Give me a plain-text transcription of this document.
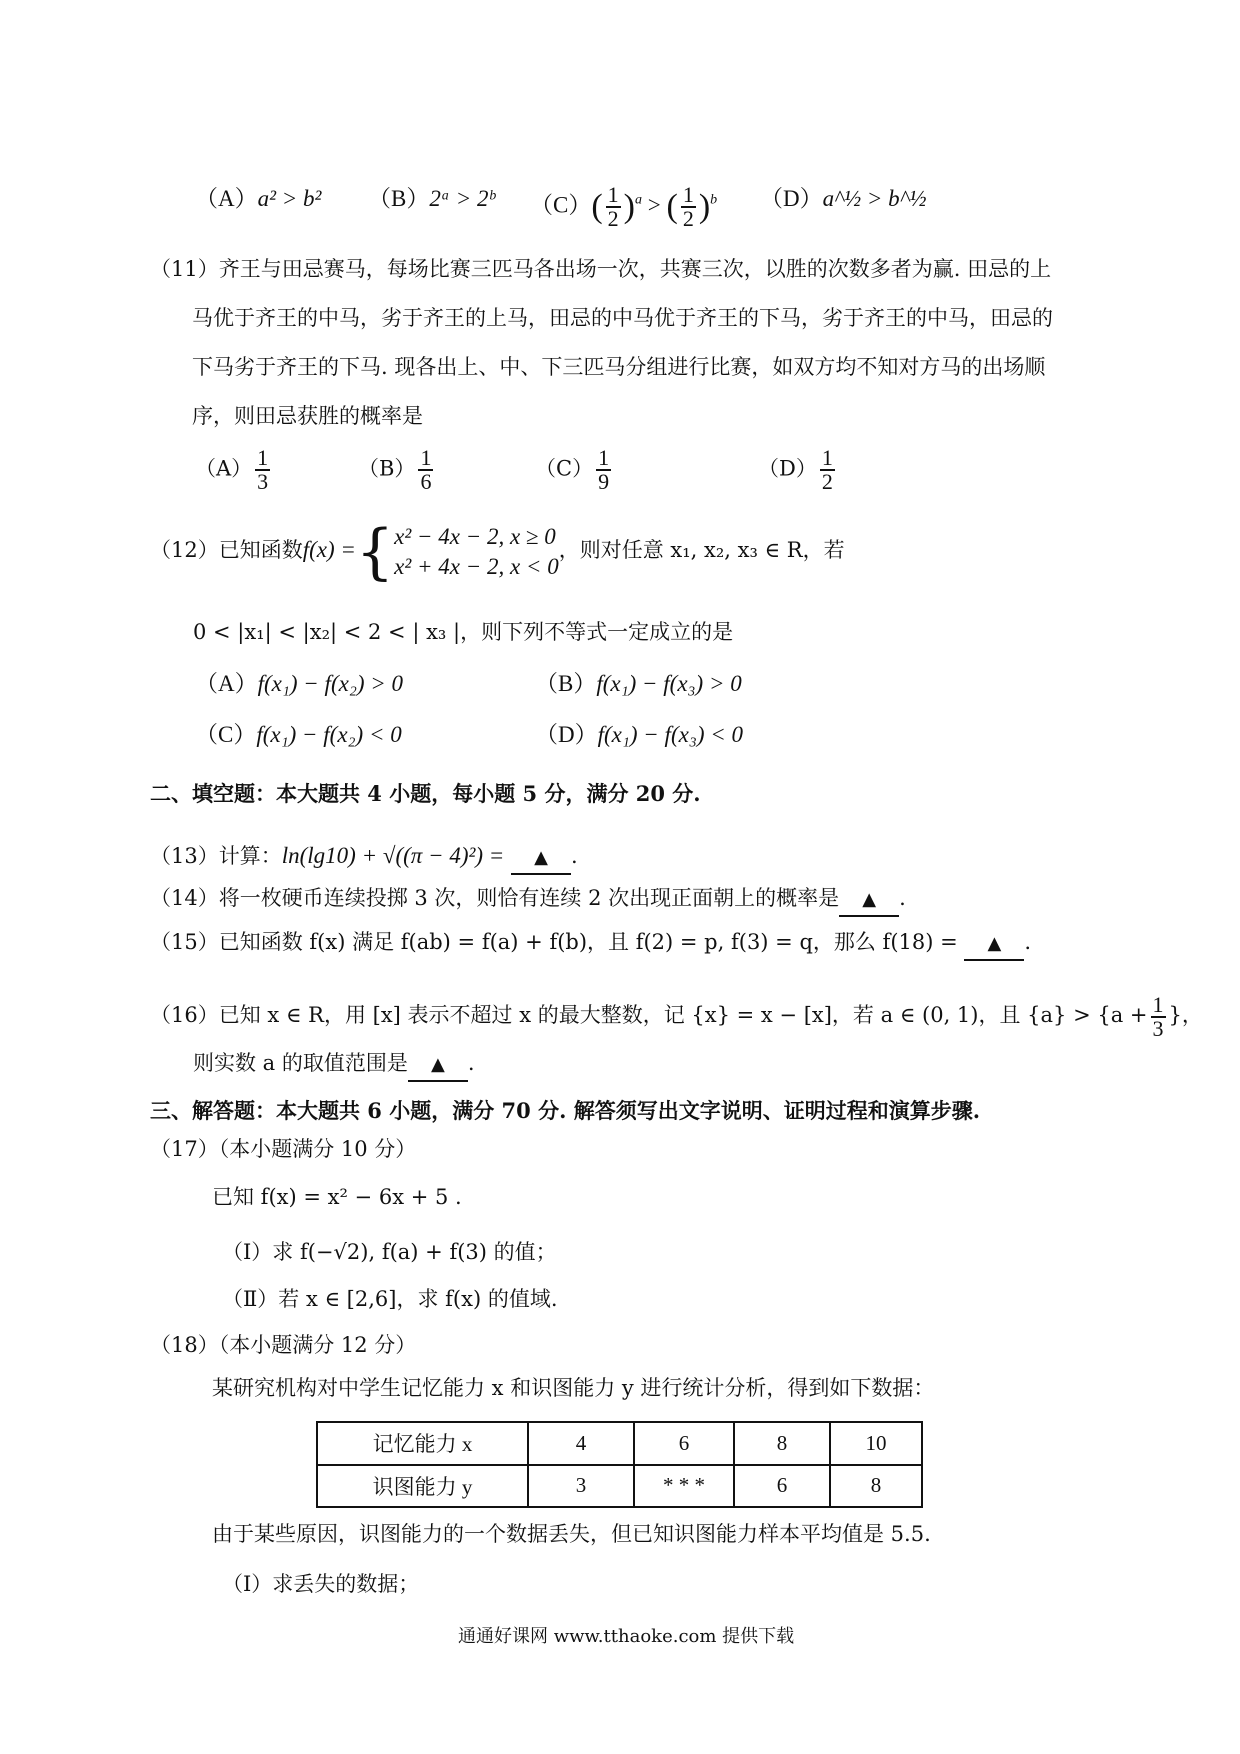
（A）a² > b² （B）2ᵃ > 2ᵇ $(C)( \frac{1}{2} )^a$ > ( $\frac{1}{2} )^b$ （D）a^½ > b^½
（11）齐王与田忌赛马，每场比赛三匹马各出场一次，共赛三次，以胜的次数多者为赢. 田忌的上
马优于齐王的中马，劣于齐王的上马，田忌的中马优于齐王的下马，劣于齐王的中马，田忌的
下马劣于齐王的下马. 现各出上、中、下三匹马分组进行比赛，如双方均不知对方马的出场顺
序，则田忌获胜的概率是
$(A) \frac{1}{3}$	$(B) \frac{1}{6}$	$(C) \frac{1}{9}$	$(D) \frac{1}{2}$
（12）已知函数f(x) ={ x² − 4x − 2, x ≥ 0
x² + 4x − 2, x < 0
，则对任意 x₁, x₂, x₃ ∈ R，若
0 < |x₁| < |x₂| < 2 < | x₃ |，则下列不等式一定成立的是
（A）f(x₁) − f(x₂) > 0	（B）f(x₁) − f(x₃) > 0
（C）f(x₁) − f(x₂) < 0	（D）f(x₁) − f(x₃) < 0
二、填空题：本大题共 4 小题，每小题 5 分，满分 20 分.
（13）计算：ln(lg10) + √((π − 4)²) = ▲ .
（14）将一枚硬币连续投掷 3 次，则恰有连续 2 次出现正面朝上的概率是 ▲ .
（15）已知函数 f(x) 满足 f(ab) = f(a) + f(b)，且 f(2) = p, f(3) = q，那么 f(18) = ▲ .
（16）已知 x ∈ R，用 [x] 表示不超过 x 的最大整数，记 {x} = x − [x]，若 a ∈ (0, 1)，且 $\{a\} > \{a + \frac{1}{3}$ }，
则实数 a 的取值范围是 ▲ .
三、解答题：本大题共 6 小题，满分 70 分. 解答须写出文字说明、证明过程和演算步骤.
（17）（本小题满分 10 分）
已知 f(x) = x² − 6x + 5 .
（Ⅰ）求 f(−√2), f(a) + f(3) 的值；
（Ⅱ）若 x ∈ [2,6]，求 f(x) 的值域.
（18）（本小题满分 12 分）
某研究机构对中学生记忆能力 x 和识图能力 y 进行统计分析，得到如下数据：
记忆能力 x	4	6	8	10
识图能力 y	3	* * *	6	8
由于某些原因，识图能力的一个数据丢失，但已知识图能力样本平均值是 5.5.
（Ⅰ）求丢失的数据；
通通好课网 www.tthaoke.com 提供下载
